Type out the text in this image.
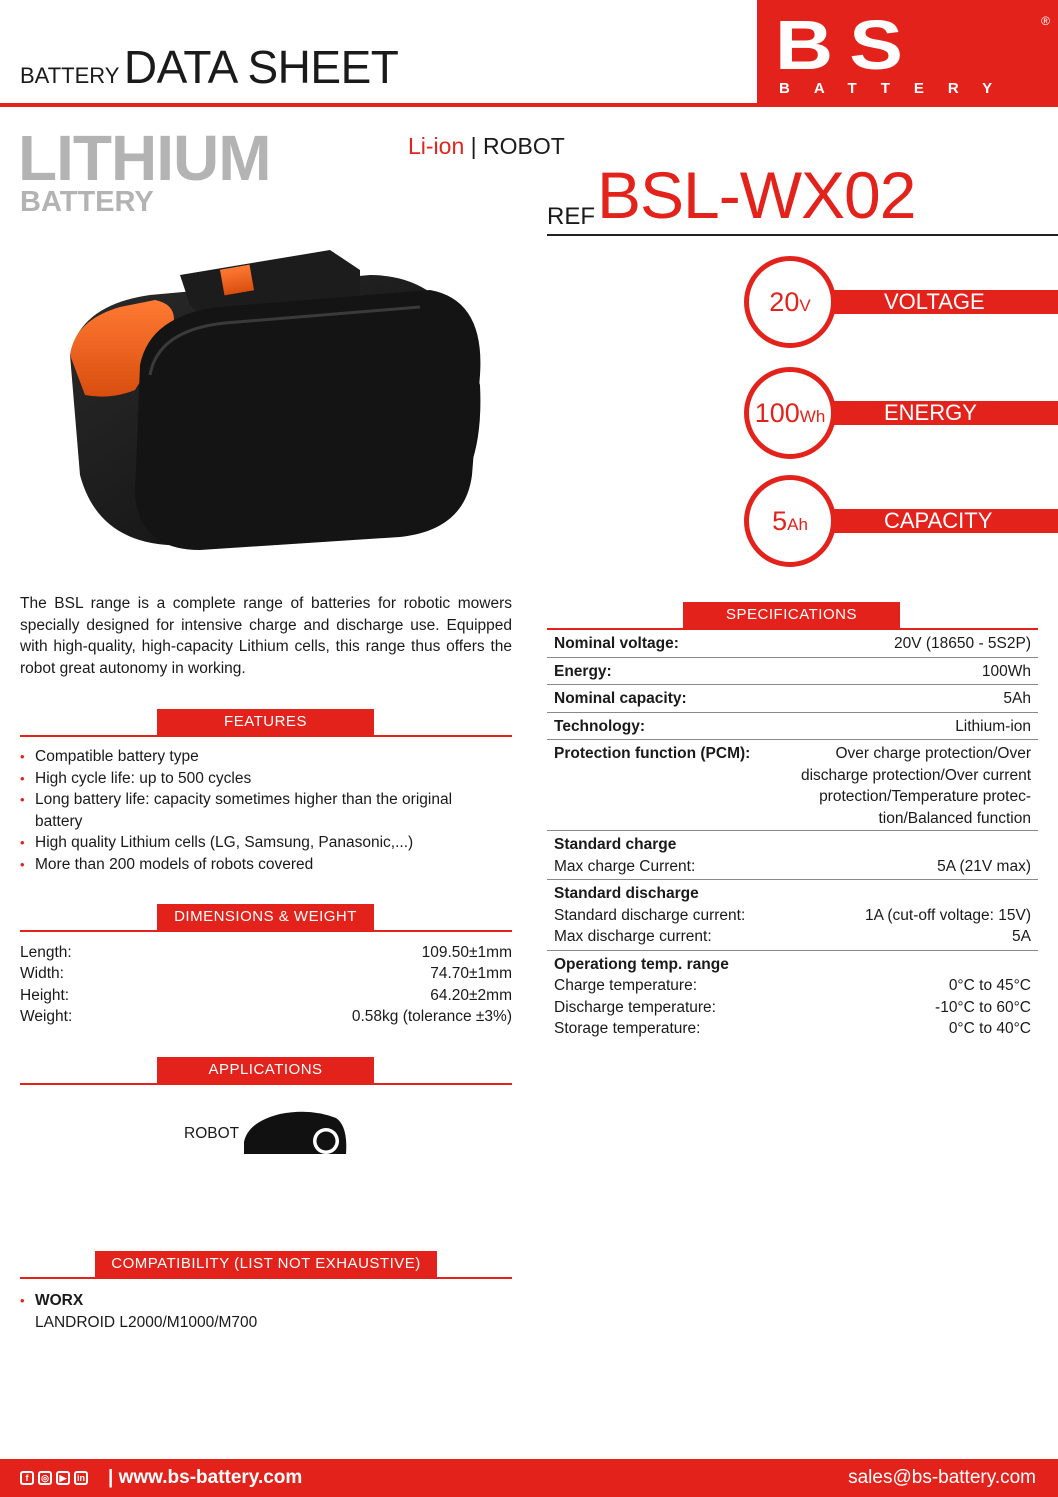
BATTERY DATA SHEET	BS
BATTERY
®
LITHIUM
BATTERY
Li-ion | ROBOT
REF BSL-WX02
VOLTAGE
20 V
ENERGY
100 Wh
CAPACITY
5 Ah

The BSL range is a complete range of batteries for robotic mowers specially designed for intensive charge and discharge use. Equipped with high-quality, high-capacity Lithium cells, this range thus offers the robot great autonomy in working.

FEATURES
• Compatible battery type
• High cycle life: up to 500 cycles
• Long battery life: capacity sometimes higher than the original battery
• High quality Lithium cells (LG, Samsung, Panasonic,...)
• More than 200 models of robots covered
DIMENSIONS & WEIGHT
Length:	109.50±1mm
Width:	74.70±1mm
Height:	64.20±2mm
Weight:	0.58kg (tolerance ±3%)
APPLICATIONS
ROBOT
COMPATIBILITY (LIST NOT EXHAUSTIVE)
• WORX
LANDROID L2000/M1000/M700
SPECIFICATIONS
Nominal voltage:	20V (18650 - 5S2P)
Energy:	100Wh
Nominal capacity:	5Ah
Technology:	Lithium-ion
Protection function (PCM):	Over charge protection/Over discharge protection/Over current protection/Temperature protec-tion/Balanced function
Standard charge
Max charge Current:	5A (21V max)
Standard discharge
Standard discharge current:	1A (cut-off voltage: 15V)
Max discharge current:	5A
Operationg temp. range
Charge temperature:	0°C to 45°C
Discharge temperature:	-10°C to 60°C
Storage temperature:	0°C to 40°C
f	◎	▶	in | www.bs-battery.com	sales@bs-battery.com
